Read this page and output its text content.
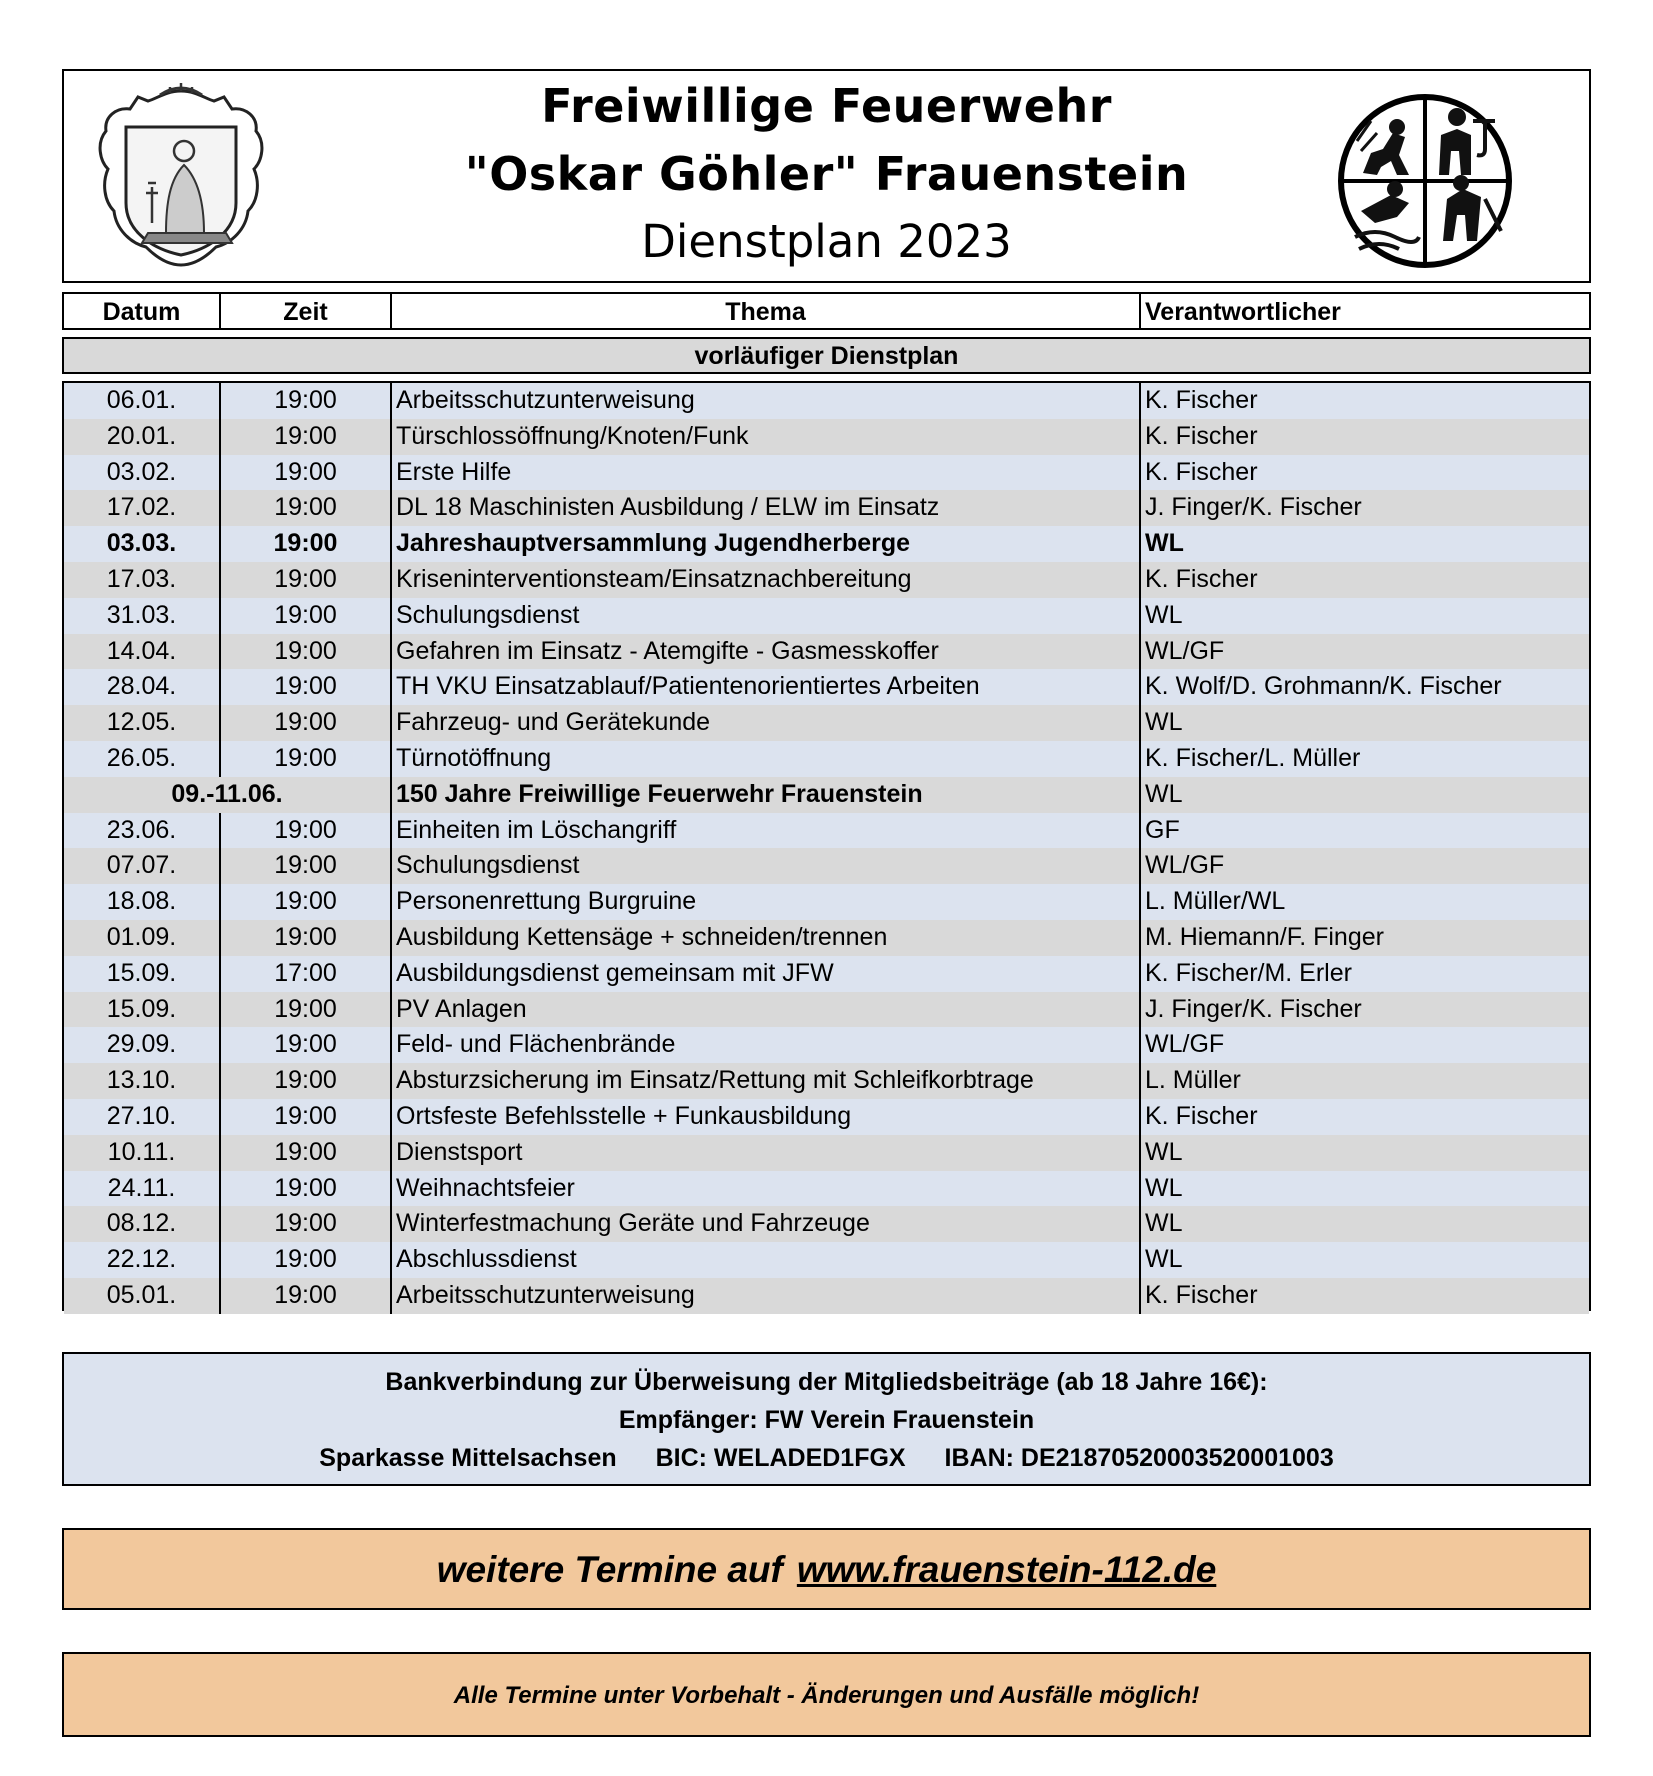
Freiwillige Feuerwehr
"Oskar Göhler" Frauenstein
Dienstplan 2023
Datum	Zeit	Thema	Verantwortlicher
vorläufiger Dienstplan
06.01.	19:00	Arbeitsschutzunterweisung	K. Fischer
20.01.	19:00	Türschlossöffnung/Knoten/Funk	K. Fischer
03.02.	19:00	Erste Hilfe	K. Fischer
17.02.	19:00	DL 18 Maschinisten Ausbildung / ELW im Einsatz	J. Finger/K. Fischer
03.03.	19:00	Jahreshauptversammlung Jugendherberge	WL
17.03.	19:00	Kriseninterventionsteam/Einsatznachbereitung	K. Fischer
31.03.	19:00	Schulungsdienst	WL
14.04.	19:00	Gefahren im Einsatz - Atemgifte - Gasmesskoffer	WL/GF
28.04.	19:00	TH VKU Einsatzablauf/Patientenorientiertes Arbeiten	K. Wolf/D. Grohmann/K. Fischer
12.05.	19:00	Fahrzeug- und Gerätekunde	WL
26.05.	19:00	Türnotöffnung	K. Fischer/L. Müller
09.-11.06.	150 Jahre Freiwillige Feuerwehr Frauenstein	WL
23.06.	19:00	Einheiten im Löschangriff	GF
07.07.	19:00	Schulungsdienst	WL/GF
18.08.	19:00	Personenrettung Burgruine	L. Müller/WL
01.09.	19:00	Ausbildung Kettensäge + schneiden/trennen	M. Hiemann/F. Finger
15.09.	17:00	Ausbildungsdienst gemeinsam mit JFW	K. Fischer/M. Erler
15.09.	19:00	PV Anlagen	J. Finger/K. Fischer
29.09.	19:00	Feld- und Flächenbrände	WL/GF
13.10.	19:00	Absturzsicherung im Einsatz/Rettung mit Schleifkorbtrage	L. Müller
27.10.	19:00	Ortsfeste Befehlsstelle + Funkausbildung	K. Fischer
10.11.	19:00	Dienstsport	WL
24.11.	19:00	Weihnachtsfeier	WL
08.12.	19:00	Winterfestmachung Geräte und Fahrzeuge	WL
22.12.	19:00	Abschlussdienst	WL
05.01.	19:00	Arbeitsschutzunterweisung	K. Fischer
Bankverbindung zur Überweisung der Mitgliedsbeiträge (ab 18 Jahre 16€):
Empfänger: FW Verein Frauenstein
Sparkasse Mittelsachsen BIC: WELADED1FGX IBAN: DE21870520003520001003
weitere Termine auf www.frauenstein-112.de
Alle Termine unter Vorbehalt - Änderungen und Ausfälle möglich!
